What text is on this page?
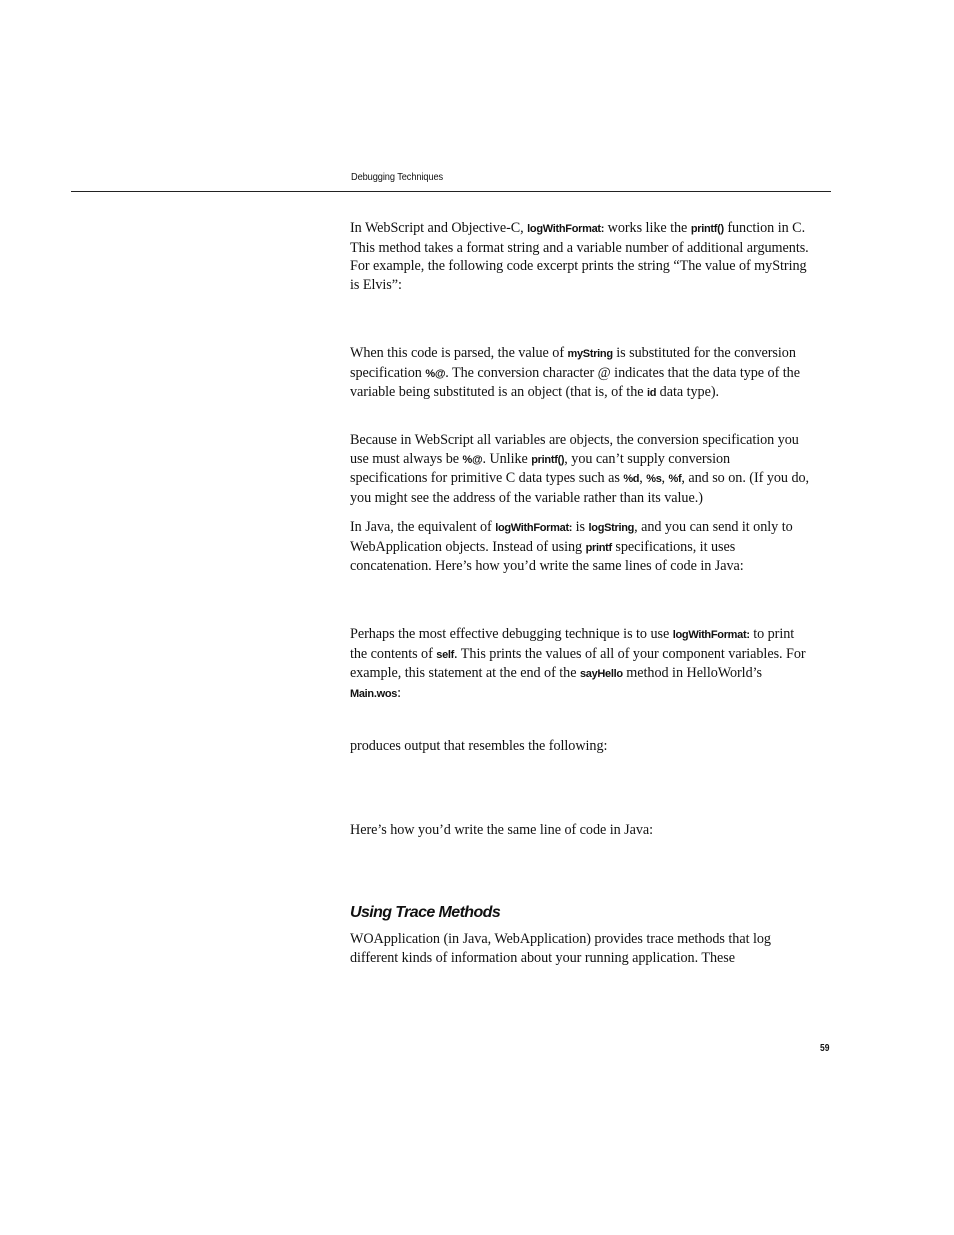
Debugging Techniques

In WebScript and Objective-C, logWithFormat: works like the printf() function in C. This method takes a format string and a variable number of additional arguments. For example, the following code excerpt prints the string “The value of myString is Elvis”:

When this code is parsed, the value of myString is substituted for the conversion specification %@. The conversion character @ indicates that the data type of the variable being substituted is an object (that is, of the id data type).

Because in WebScript all variables are objects, the conversion specification you use must always be %@. Unlike printf(), you can’t supply conversion specifications for primitive C data types such as %d, %s, %f, and so on. (If you do, you might see the address of the variable rather than its value.)

In Java, the equivalent of logWithFormat: is logString, and you can send it only to WebApplication objects. Instead of using printf specifications, it uses concatenation. Here’s how you’d write the same lines of code in Java:

Perhaps the most effective debugging technique is to use logWithFormat: to print the contents of self. This prints the values of all of your component variables. For example, this statement at the end of the sayHello method in HelloWorld’s Main.wos:

produces output that resembles the following:

Here’s how you’d write the same line of code in Java:

Using Trace Methods

WOApplication (in Java, WebApplication) provides trace methods that log different kinds of information about your running application. These

59
